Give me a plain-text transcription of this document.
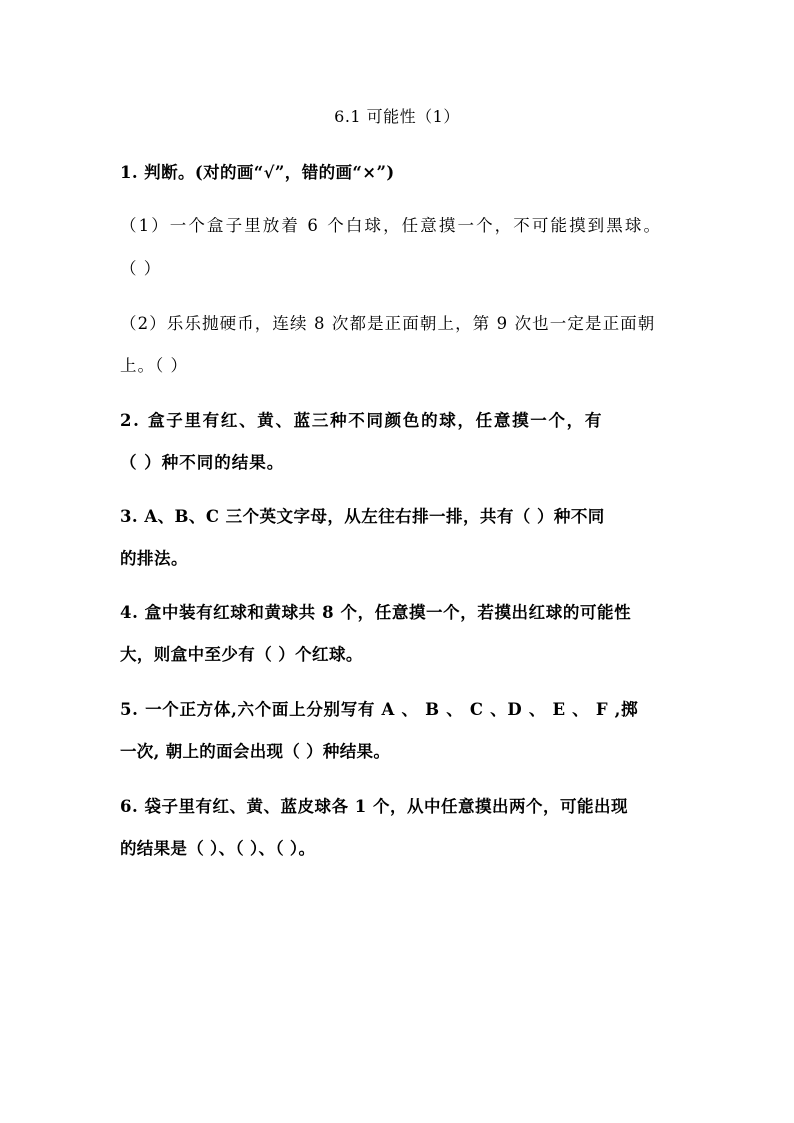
6.1 可能性（1）
1. 判断。(对的画“√”，错的画“×”)
（1）一个盒子里放着 6 个白球，任意摸一个，不可能摸到黑球。
（ ）
（2）乐乐抛硬币，连续 8 次都是正面朝上，第 9 次也一定是正面朝
上。（ ）
2. 盒子里有红、黄、蓝三种不同颜色的球，任意摸一个，有
（ ）种不同的结果。
3. A、B、C 三个英文字母，从左往右排一排，共有（ ）种不同
的排法。
4. 盒中装有红球和黄球共 8 个，任意摸一个，若摸出红球的可能性
大，则盒中至少有（ ）个红球。
5. 一个正方体,六个面上分别写有 A 、 B 、 C 、D 、 E 、 F ,掷
一次, 朝上的面会出现（ ）种结果。
6. 袋子里有红、黄、蓝皮球各 1 个，从中任意摸出两个，可能出现
的结果是（ ）、（ ）、（ ）。
